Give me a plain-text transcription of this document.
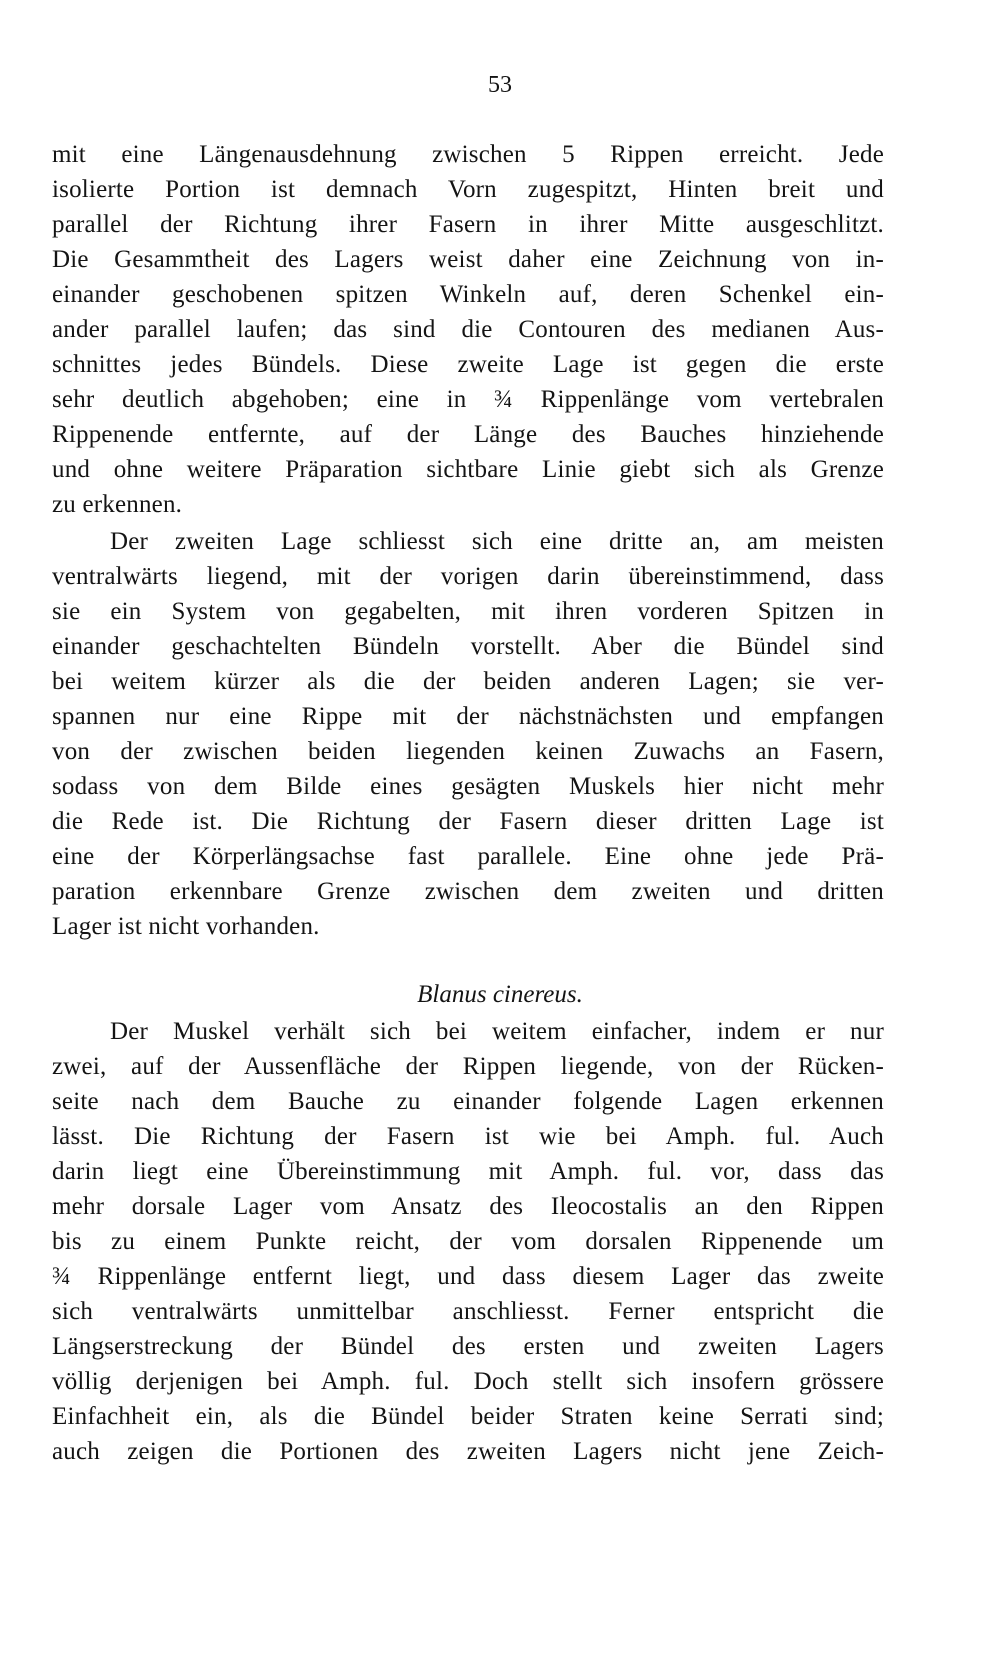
53
mit eine Längenausdehnung zwischen 5 Rippen erreicht. Jede
isolierte Portion ist demnach Vorn zugespitzt, Hinten breit und
parallel der Richtung ihrer Fasern in ihrer Mitte ausgeschlitzt.
Die Gesammtheit des Lagers weist daher eine Zeichnung von in-
einander geschobenen spitzen Winkeln auf, deren Schenkel ein-
ander parallel laufen; das sind die Contouren des medianen Aus-
schnittes jedes Bündels. Diese zweite Lage ist gegen die erste
sehr deutlich abgehoben; eine in ¾ Rippenlänge vom vertebralen
Rippenende entfernte, auf der Länge des Bauches hinziehende
und ohne weitere Präparation sichtbare Linie giebt sich als Grenze
zu erkennen.
Der zweiten Lage schliesst sich eine dritte an, am meisten
ventralwärts liegend, mit der vorigen darin übereinstimmend, dass
sie ein System von gegabelten, mit ihren vorderen Spitzen in
einander geschachtelten Bündeln vorstellt. Aber die Bündel sind
bei weitem kürzer als die der beiden anderen Lagen; sie ver-
spannen nur eine Rippe mit der nächstnächsten und empfangen
von der zwischen beiden liegenden keinen Zuwachs an Fasern,
sodass von dem Bilde eines gesägten Muskels hier nicht mehr
die Rede ist. Die Richtung der Fasern dieser dritten Lage ist
eine der Körperlängsachse fast parallele. Eine ohne jede Prä-
paration erkennbare Grenze zwischen dem zweiten und dritten
Lager ist nicht vorhanden.
Blanus cinereus.
Der Muskel verhält sich bei weitem einfacher, indem er nur
zwei, auf der Aussenfläche der Rippen liegende, von der Rücken-
seite nach dem Bauche zu einander folgende Lagen erkennen
lässt. Die Richtung der Fasern ist wie bei Amph. ful. Auch
darin liegt eine Übereinstimmung mit Amph. ful. vor, dass das
mehr dorsale Lager vom Ansatz des Ileocostalis an den Rippen
bis zu einem Punkte reicht, der vom dorsalen Rippenende um
¾ Rippenlänge entfernt liegt, und dass diesem Lager das zweite
sich ventralwärts unmittelbar anschliesst. Ferner entspricht die
Längserstreckung der Bündel des ersten und zweiten Lagers
völlig derjenigen bei Amph. ful. Doch stellt sich insofern grössere
Einfachheit ein, als die Bündel beider Straten keine Serrati sind;
auch zeigen die Portionen des zweiten Lagers nicht jene Zeich-
